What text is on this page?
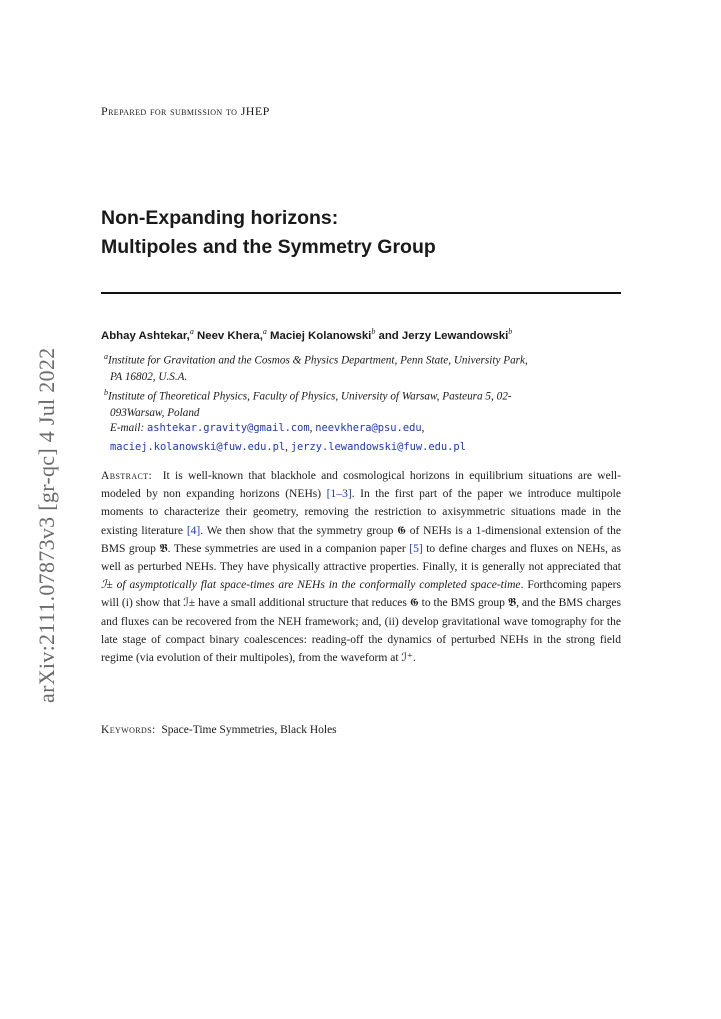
arXiv:2111.07873v3 [gr-qc] 4 Jul 2022
Prepared for submission to JHEP
Non-Expanding horizons:
Multipoles and the Symmetry Group
Abhay Ashtekar,$^a$ Neev Khera,$^a$ Maciej Kolanowski$^b$ and Jerzy Lewandowski$^b$
$^a$Institute for Gravitation and the Cosmos & Physics Department, Penn State, University Park,
PA 16802, U.S.A.
$^b$Institute of Theoretical Physics, Faculty of Physics, University of Warsaw, Pasteura 5, 02-
093Warsaw, Poland
E-mail: ashtekar.gravity@gmail.com, neevkhera@psu.edu,
maciej.kolanowski@fuw.edu.pl, jerzy.lewandowski@fuw.edu.pl
Abstract: It is well-known that blackhole and cosmological horizons in equilibrium situations are well-modeled by non expanding horizons (NEHs) [1–3]. In the first part of the paper we introduce multipole moments to characterize their geometry, removing the restriction to axisymmetric situations made in the existing literature [4]. We then show that the symmetry group 𝕲 of NEHs is a 1-dimensional extension of the BMS group 𝕭. These symmetries are used in a companion paper [5] to define charges and fluxes on NEHs, as well as perturbed NEHs. They have physically attractive properties. Finally, it is generally not appreciated that ℐ± of asymptotically flat space-times are NEHs in the conformally completed space-time. Forthcoming papers will (i) show that ℐ± have a small additional structure that reduces 𝕲 to the BMS group 𝕭, and the BMS charges and fluxes can be recovered from the NEH framework; and, (ii) develop gravitational wave tomography for the late stage of compact binary coalescences: reading-off the dynamics of perturbed NEHs in the strong field regime (via evolution of their multipoles), from the waveform at ℐ⁺.
Keywords: Space-Time Symmetries, Black Holes
